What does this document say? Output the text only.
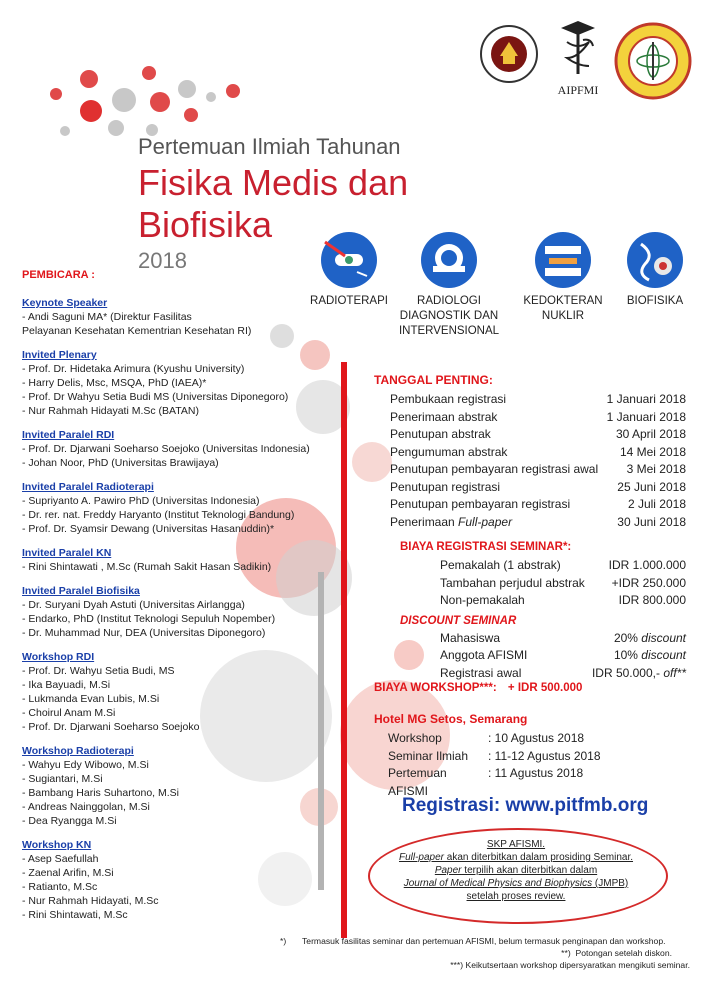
AIPFMI
Pertemuan Ilmiah Tahunan
Fisika Medis dan Biofisika
2018
RADIOTERAPI	RADIOLOGI DIAGNOSTIK DAN INTERVENSIONAL
KEDOKTERAN NUKLIR
BIOFISIKA
PEMBICARA :
Keynote Speaker
- Andi Saguni MA* (Direktur Fasilitas
Pelayanan Kesehatan Kementrian Kesehatan RI)
Invited Plenary
- Prof. Dr. Hidetaka Arimura (Kyushu University)
- Harry Delis, Msc, MSQA, PhD (IAEA)*
- Prof. Dr Wahyu Setia Budi MS (Universitas Diponegoro)
- Nur Rahmah Hidayati M.Sc (BATAN)
Invited Paralel RDI
- Prof. Dr. Djarwani Soeharso Soejoko (Universitas Indonesia)
- Johan Noor, PhD (Universitas Brawijaya)
Invited Paralel Radioterapi
- Supriyanto A. Pawiro PhD (Universitas Indonesia)
- Dr. rer. nat. Freddy Haryanto (Institut Teknologi Bandung)
- Prof. Dr. Syamsir Dewang (Universitas Hasanuddin)*
Invited Paralel KN
- Rini Shintawati , M.Sc (Rumah Sakit Hasan Sadikin)
Invited Paralel Biofisika
- Dr. Suryani Dyah Astuti (Universitas Airlangga)
- Endarko, PhD (Institut Teknologi Sepuluh Nopember)
- Dr. Muhammad Nur, DEA (Universitas Diponegoro)
Workshop RDI
- Prof. Dr. Wahyu Setia Budi, MS
- Ika Bayuadi, M.Si
- Lukmanda Evan Lubis, M.Si
- Choirul Anam M.Si
- Prof. Dr. Djarwani Soeharso Soejoko
Workshop Radioterapi
- Wahyu Edy Wibowo, M.Si
- Sugiantari, M.Si
- Bambang Haris Suhartono, M.Si
- Andreas Nainggolan, M.Si
- Dea Ryangga M.Si
Workshop KN
- Asep Saefullah
- Zaenal Arifin, M.Si
- Ratianto, M.Sc
- Nur Rahmah Hidayati, M.Sc
- Rini Shintawati, M.Sc
TANGGAL PENTING:
Pembukaan registrasi	1 Januari 2018
Penerimaan abstrak	1 Januari 2018
Penutupan abstrak	30 April 2018
Pengumuman abstrak	14 Mei 2018
Penutupan pembayaran registrasi awal 3 Mei 2018
Penutupan registrasi	25 Juni 2018
Penutupan pembayaran registrasi	2 Juli 2018
Penerimaan Full-paper	30 Juni 2018
BIAYA REGISTRASI SEMINAR*:
Pemakalah (1 abstrak)	IDR 1.000.000
Tambahan perjudul abstrak +IDR 250.000
Non-pemakalah	IDR 800.000
DISCOUNT SEMINAR
Mahasiswa	20% discount
Anggota AFISMI	10% discount
Registrasi awal	IDR 50.000,- off**
BIAYA WORKSHOP***: + IDR 500.000
Hotel MG Setos, Semarang
Workshop	: 10 Agustus 2018
Seminar Ilmiah	: 11-12 Agustus 2018
Pertemuan AFISMI
: 11 Agustus 2018
Registrasi: www.pitfmb.org
SKP AFISMI.
Full-paper akan diterbitkan dalam prosiding Seminar.
Paper terpilih akan diterbitkan dalam
Journal of Medical Physics and Biophysics (JMPB)
setelah proses review.
*)	Termasuk fasilitas seminar dan pertemuan AFISMI, belum termasuk penginapan dan workshop.
**) Potongan setelah diskon.
***) Keikutsertaan workshop dipersyaratkan mengikuti seminar.
